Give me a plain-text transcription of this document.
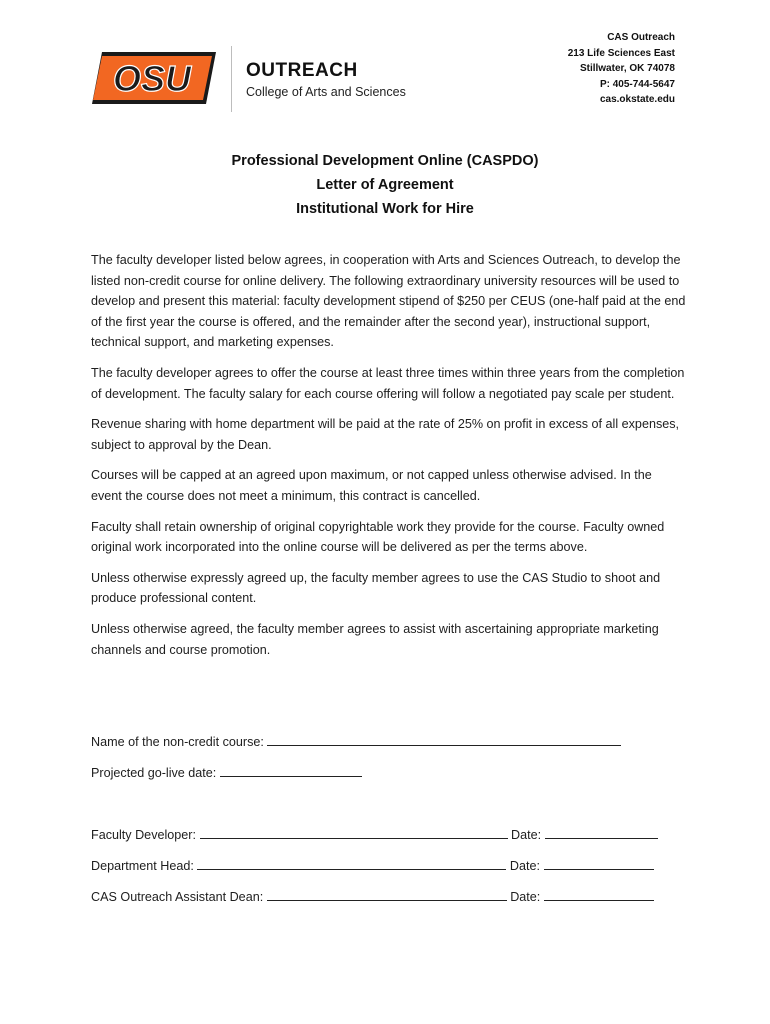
OSU	OUTREACH
College of Arts and Sciences
CAS Outreach
213 Life Sciences East
Stillwater, OK 74078
P: 405-744-5647
cas.okstate.edu
Professional Development Online (CASPDO)
Letter of Agreement
Institutional Work for Hire

The faculty developer listed below agrees, in cooperation with Arts and Sciences Outreach, to develop the listed non-credit course for online delivery. The following extraordinary university resources will be used to develop and present this material: faculty development stipend of $250 per CEUS (one-half paid at the end of the first year the course is offered, and the remainder after the second year), instructional support, technical support, and marketing expenses.

The faculty developer agrees to offer the course at least three times within three years from the completion of development. The faculty salary for each course offering will follow a negotiated pay scale per student.

Revenue sharing with home department will be paid at the rate of 25% on profit in excess of all expenses, subject to approval by the Dean.

Courses will be capped at an agreed upon maximum, or not capped unless otherwise advised. In the event the course does not meet a minimum, this contract is cancelled.

Faculty shall retain ownership of original copyrightable work they provide for the course. Faculty owned original work incorporated into the online course will be delivered as per the terms above.

Unless otherwise expressly agreed up, the faculty member agrees to use the CAS Studio to shoot and produce professional content.

Unless otherwise agreed, the faculty member agrees to assist with ascertaining appropriate marketing channels and course promotion.

Name of the non-credit course:
Projected go-live date:
Faculty Developer:	Date:
Department Head:	Date:
CAS Outreach Assistant Dean:	Date:
